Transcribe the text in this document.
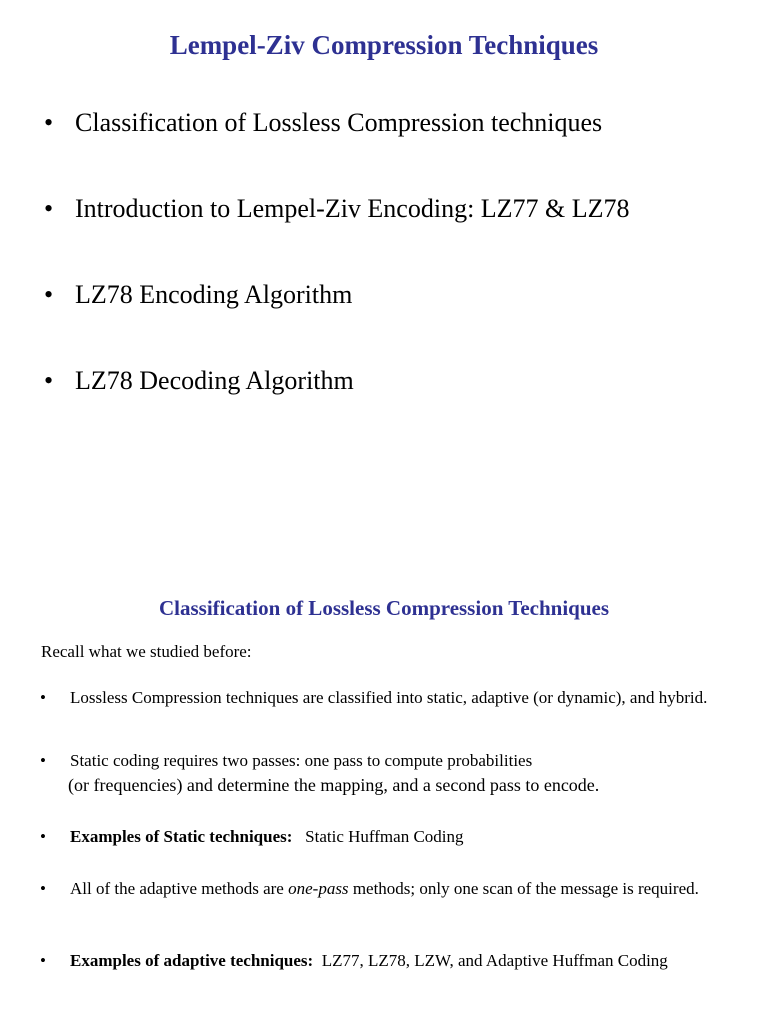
Lempel-Ziv Compression Techniques
• Classification of Lossless Compression techniques
• Introduction to Lempel-Ziv Encoding: LZ77 & LZ78
• LZ78 Encoding Algorithm
• LZ78 Decoding Algorithm
Classification of Lossless Compression Techniques
Recall what we studied before:
• Lossless Compression techniques are classified into static, adaptive (or dynamic), and hybrid.
• Static coding requires two passes: one pass to compute probabilities
(or frequencies) and determine the mapping, and a second pass to encode.
• Examples of Static techniques: Static Huffman Coding
• All of the adaptive methods are one-pass methods; only one scan of the message is required.
• Examples of adaptive techniques: LZ77, LZ78, LZW, and Adaptive Huffman Coding
